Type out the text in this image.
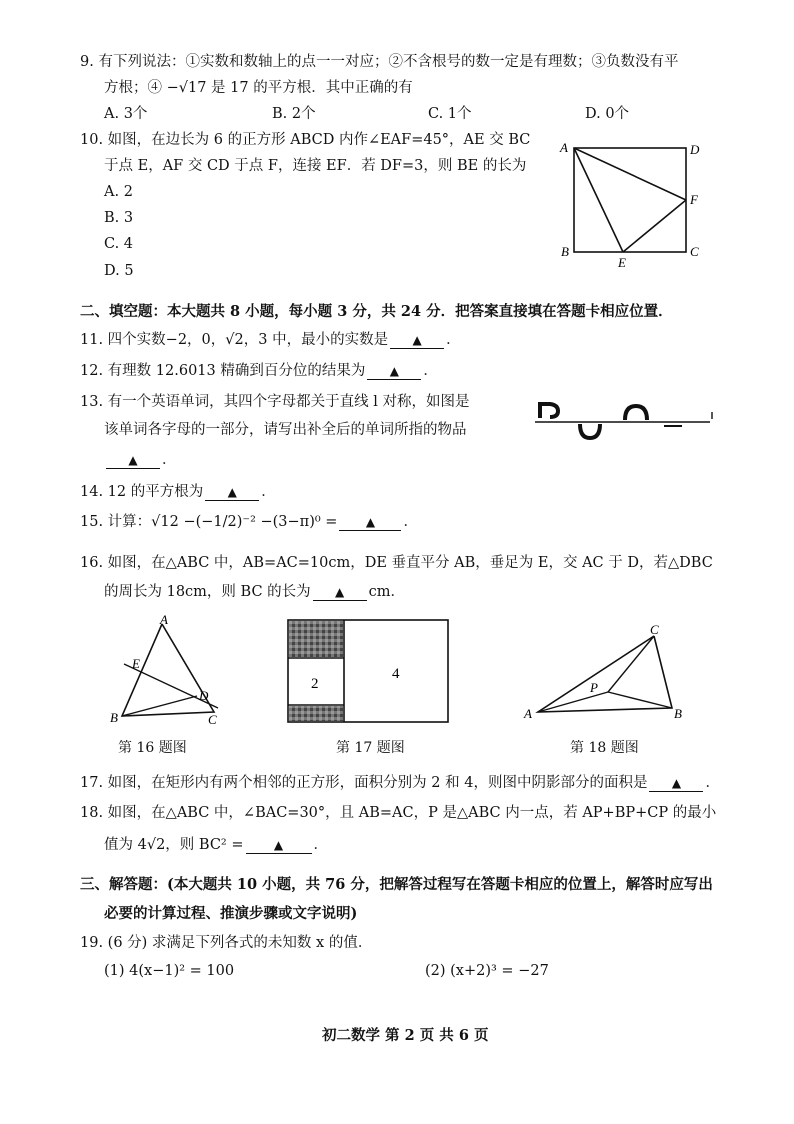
9. 有下列说法：①实数和数轴上的点一一对应；②不含根号的数一定是有理数；③负数没有平
方根；④ −√17 是 17 的平方根．其中正确的有
A. 3个	B. 2个	C. 1个	D. 0个
10. 如图，在边长为 6 的正方形 ABCD 内作∠EAF=45°，AE 交 BC
于点 E，AF 交 CD 于点 F，连接 EF．若 DF=3，则 BE 的长为
A. 2
B. 3
C. 4
D. 5
A	D
F
B
E
C
二、填空题：本大题共 8 小题，每小题 3 分，共 24 分．把答案直接填在答题卡相应位置．
11. 四个实数−2，0，√2，3 中，最小的实数是 ▲ ．
12. 有理数 12.6013 精确到百分位的结果为 ▲ ．
13. 有一个英语单词，其四个字母都关于直线 l 对称，如图是
该单词各字母的一部分，请写出补全后的单词所指的物品
▲ ．
14. 12 的平方根为 ▲ ．
15. 计算：√12 −(−1/2)⁻² −(3−π)⁰ = ▲ ．
16. 如图，在△ABC 中，AB=AC=10cm，DE 垂直平分 AB，垂足为 E，交 AC 于 D，若△DBC
的周长为 18cm，则 BC 的长为 ▲ cm．
A
E
D
B	C
第 16 题图
2
4
第 17 题图
C
P
A	B
第 18 题图
17. 如图，在矩形内有两个相邻的正方形，面积分别为 2 和 4，则图中阴影部分的面积是 ▲ ．
18. 如图，在△ABC 中，∠BAC=30°，且 AB=AC，P 是△ABC 内一点，若 AP+BP+CP 的最小
值为 4√2，则 BC² =	▲ ．
三、解答题：(本大题共 10 小题，共 76 分，把解答过程写在答题卡相应的位置上，解答时应写出
必要的计算过程、推演步骤或文字说明)
19. (6 分) 求满足下列各式的未知数 x 的值．
(1) 4(x−1)² = 100	(2) (x+2)³ = −27
初二数学 第 2 页 共 6 页
